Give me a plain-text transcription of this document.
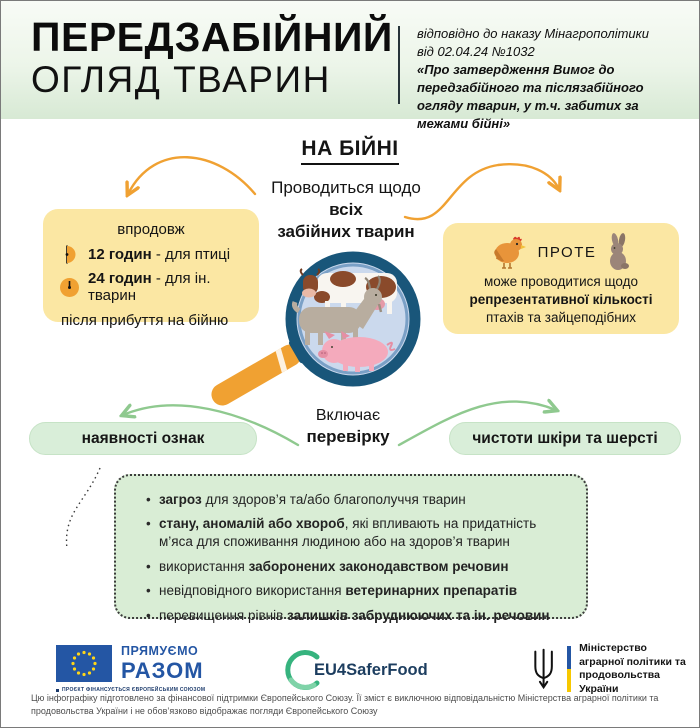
ПЕРЕДЗАБІЙНИЙ
ОГЛЯД ТВАРИН
відповідно до наказу Мінагрополітики
від 02.04.24 №1032
«Про затвердження Вимог до передзабійного та післязабійного огляду тварин, у т.ч. забитих за межами бійні»
НА БІЙНІ
Проводиться щодо
всіх
забійних тварин
впродовж
12 годин - для птиці
24 годин - для ін. тварин
після прибуття на бійню
ПРОТЕ
може проводитися щодо
репрезентативної кількості
птахів та зайцеподібних
Включає
перевірку
наявності ознак	чистоти шкіри та шерсті
• загроз для здоров’я та/або благополуччя тварин
• стану, аномалій або хвороб, які впливають на придатність м’яса для споживання людиною або на здоров’я тварин
• використання заборонених законодавством речовин
• невідповідного використання ветеринарних препаратів
• перевищення рівнів залишків забруднюючих та ін. речовин
ПРЯМУЄМО
РАЗОМ
ПРОЄКТ ФІНАНСУЄТЬСЯ ЄВРОПЕЙСЬКИМ СОЮЗОМ
EU4SaferFood
Міністерство
аграрної політики та
продовольства України
Цю інфографіку підготовлено за фінансової підтримки Європейського Союзу. Її зміст є виключною відповідальністю Міністерства аграрної політики та продовольства України і не обов’язково відображає погляди Європейського Союзу
